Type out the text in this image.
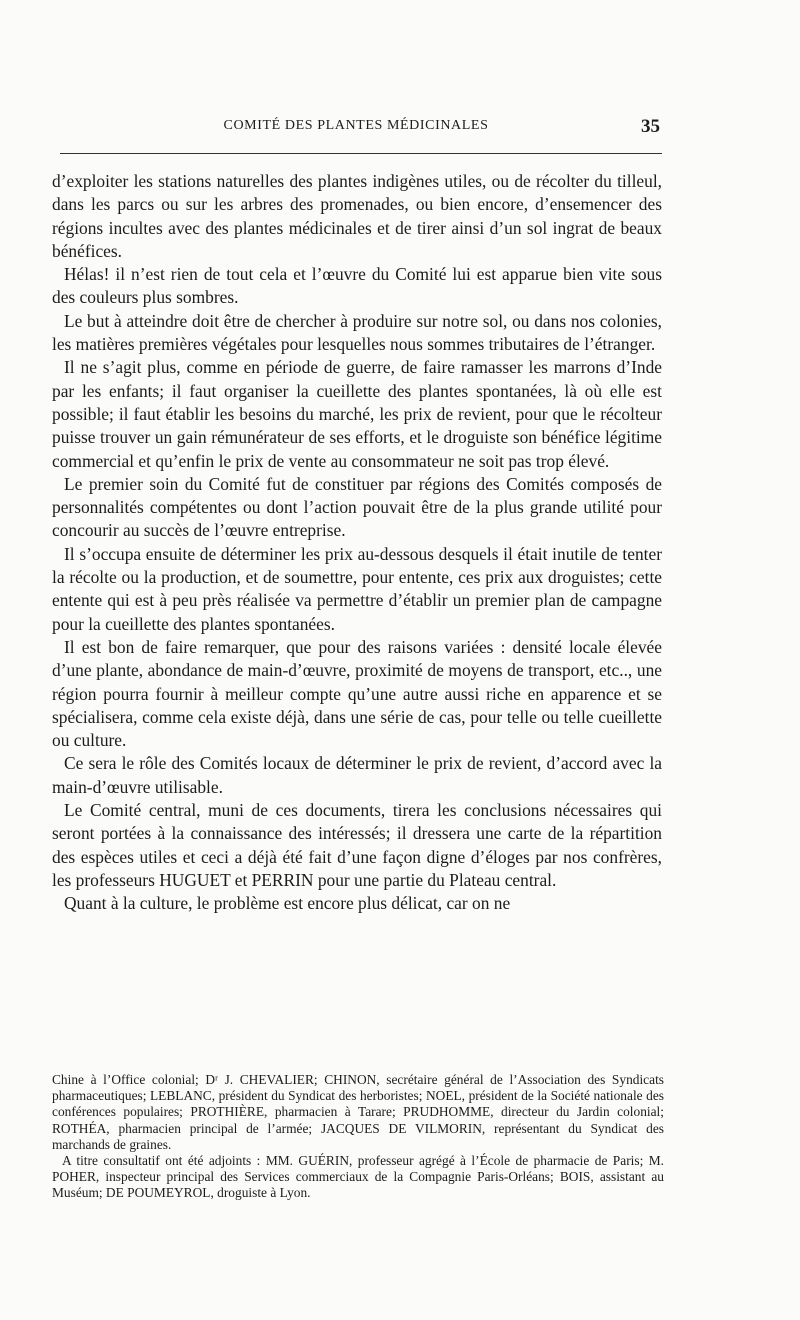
COMITÉ DES PLANTES MÉDICINALES	35

d’exploiter les stations naturelles des plantes indigènes utiles, ou de récolter du tilleul, dans les parcs ou sur les arbres des promenades, ou bien encore, d’ensemencer des régions incultes avec des plantes médicinales et de tirer ainsi d’un sol ingrat de beaux bénéfices.

Hélas! il n’est rien de tout cela et l’œuvre du Comité lui est apparue bien vite sous des couleurs plus sombres.

Le but à atteindre doit être de chercher à produire sur notre sol, ou dans nos colonies, les matières premières végétales pour lesquelles nous sommes tributaires de l’étranger.

Il ne s’agit plus, comme en période de guerre, de faire ramasser les marrons d’Inde par les enfants; il faut organiser la cueillette des plantes spontanées, là où elle est possible; il faut établir les besoins du marché, les prix de revient, pour que le récolteur puisse trouver un gain rémunérateur de ses efforts, et le droguiste son bénéfice légitime commercial et qu’enfin le prix de vente au consommateur ne soit pas trop élevé.

Le premier soin du Comité fut de constituer par régions des Comités composés de personnalités compétentes ou dont l’action pouvait être de la plus grande utilité pour concourir au succès de l’œuvre entreprise.

Il s’occupa ensuite de déterminer les prix au-dessous desquels il était inutile de tenter la récolte ou la production, et de soumettre, pour entente, ces prix aux droguistes; cette entente qui est à peu près réalisée va permettre d’établir un premier plan de campagne pour la cueillette des plantes spontanées.

Il est bon de faire remarquer, que pour des raisons variées : densité locale élevée d’une plante, abondance de main-d’œuvre, proximité de moyens de transport, etc.., une région pourra fournir à meilleur compte qu’une autre aussi riche en apparence et se spécialisera, comme cela existe déjà, dans une série de cas, pour telle ou telle cueillette ou culture.

Ce sera le rôle des Comités locaux de déterminer le prix de revient, d’accord avec la main-d’œuvre utilisable.

Le Comité central, muni de ces documents, tirera les conclusions nécessaires qui seront portées à la connaissance des intéressés; il dressera une carte de la répartition des espèces utiles et ceci a déjà été fait d’une façon digne d’éloges par nos confrères, les professeurs HUGUET et PERRIN pour une partie du Plateau central.

Quant à la culture, le problème est encore plus délicat, car on ne

Chine à l’Office colonial; Dʳ J. CHEVALIER; CHINON, secrétaire général de l’Association des Syndicats pharmaceutiques; LEBLANC, président du Syndicat des herboristes; NOEL, président de la Société nationale des conférences populaires; PROTHIÈRE, pharmacien à Tarare; PRUDHOMME, directeur du Jardin colonial; ROTHÉA, pharmacien principal de l’armée; JACQUES DE VILMORIN, représentant du Syndicat des marchands de graines.

A titre consultatif ont été adjoints : MM. GUÉRIN, professeur agrégé à l’École de pharmacie de Paris; M. POHER, inspecteur principal des Services commerciaux de la Compagnie Paris-Orléans; BOIS, assistant au Muséum; DE POUMEYROL, droguiste à Lyon.
